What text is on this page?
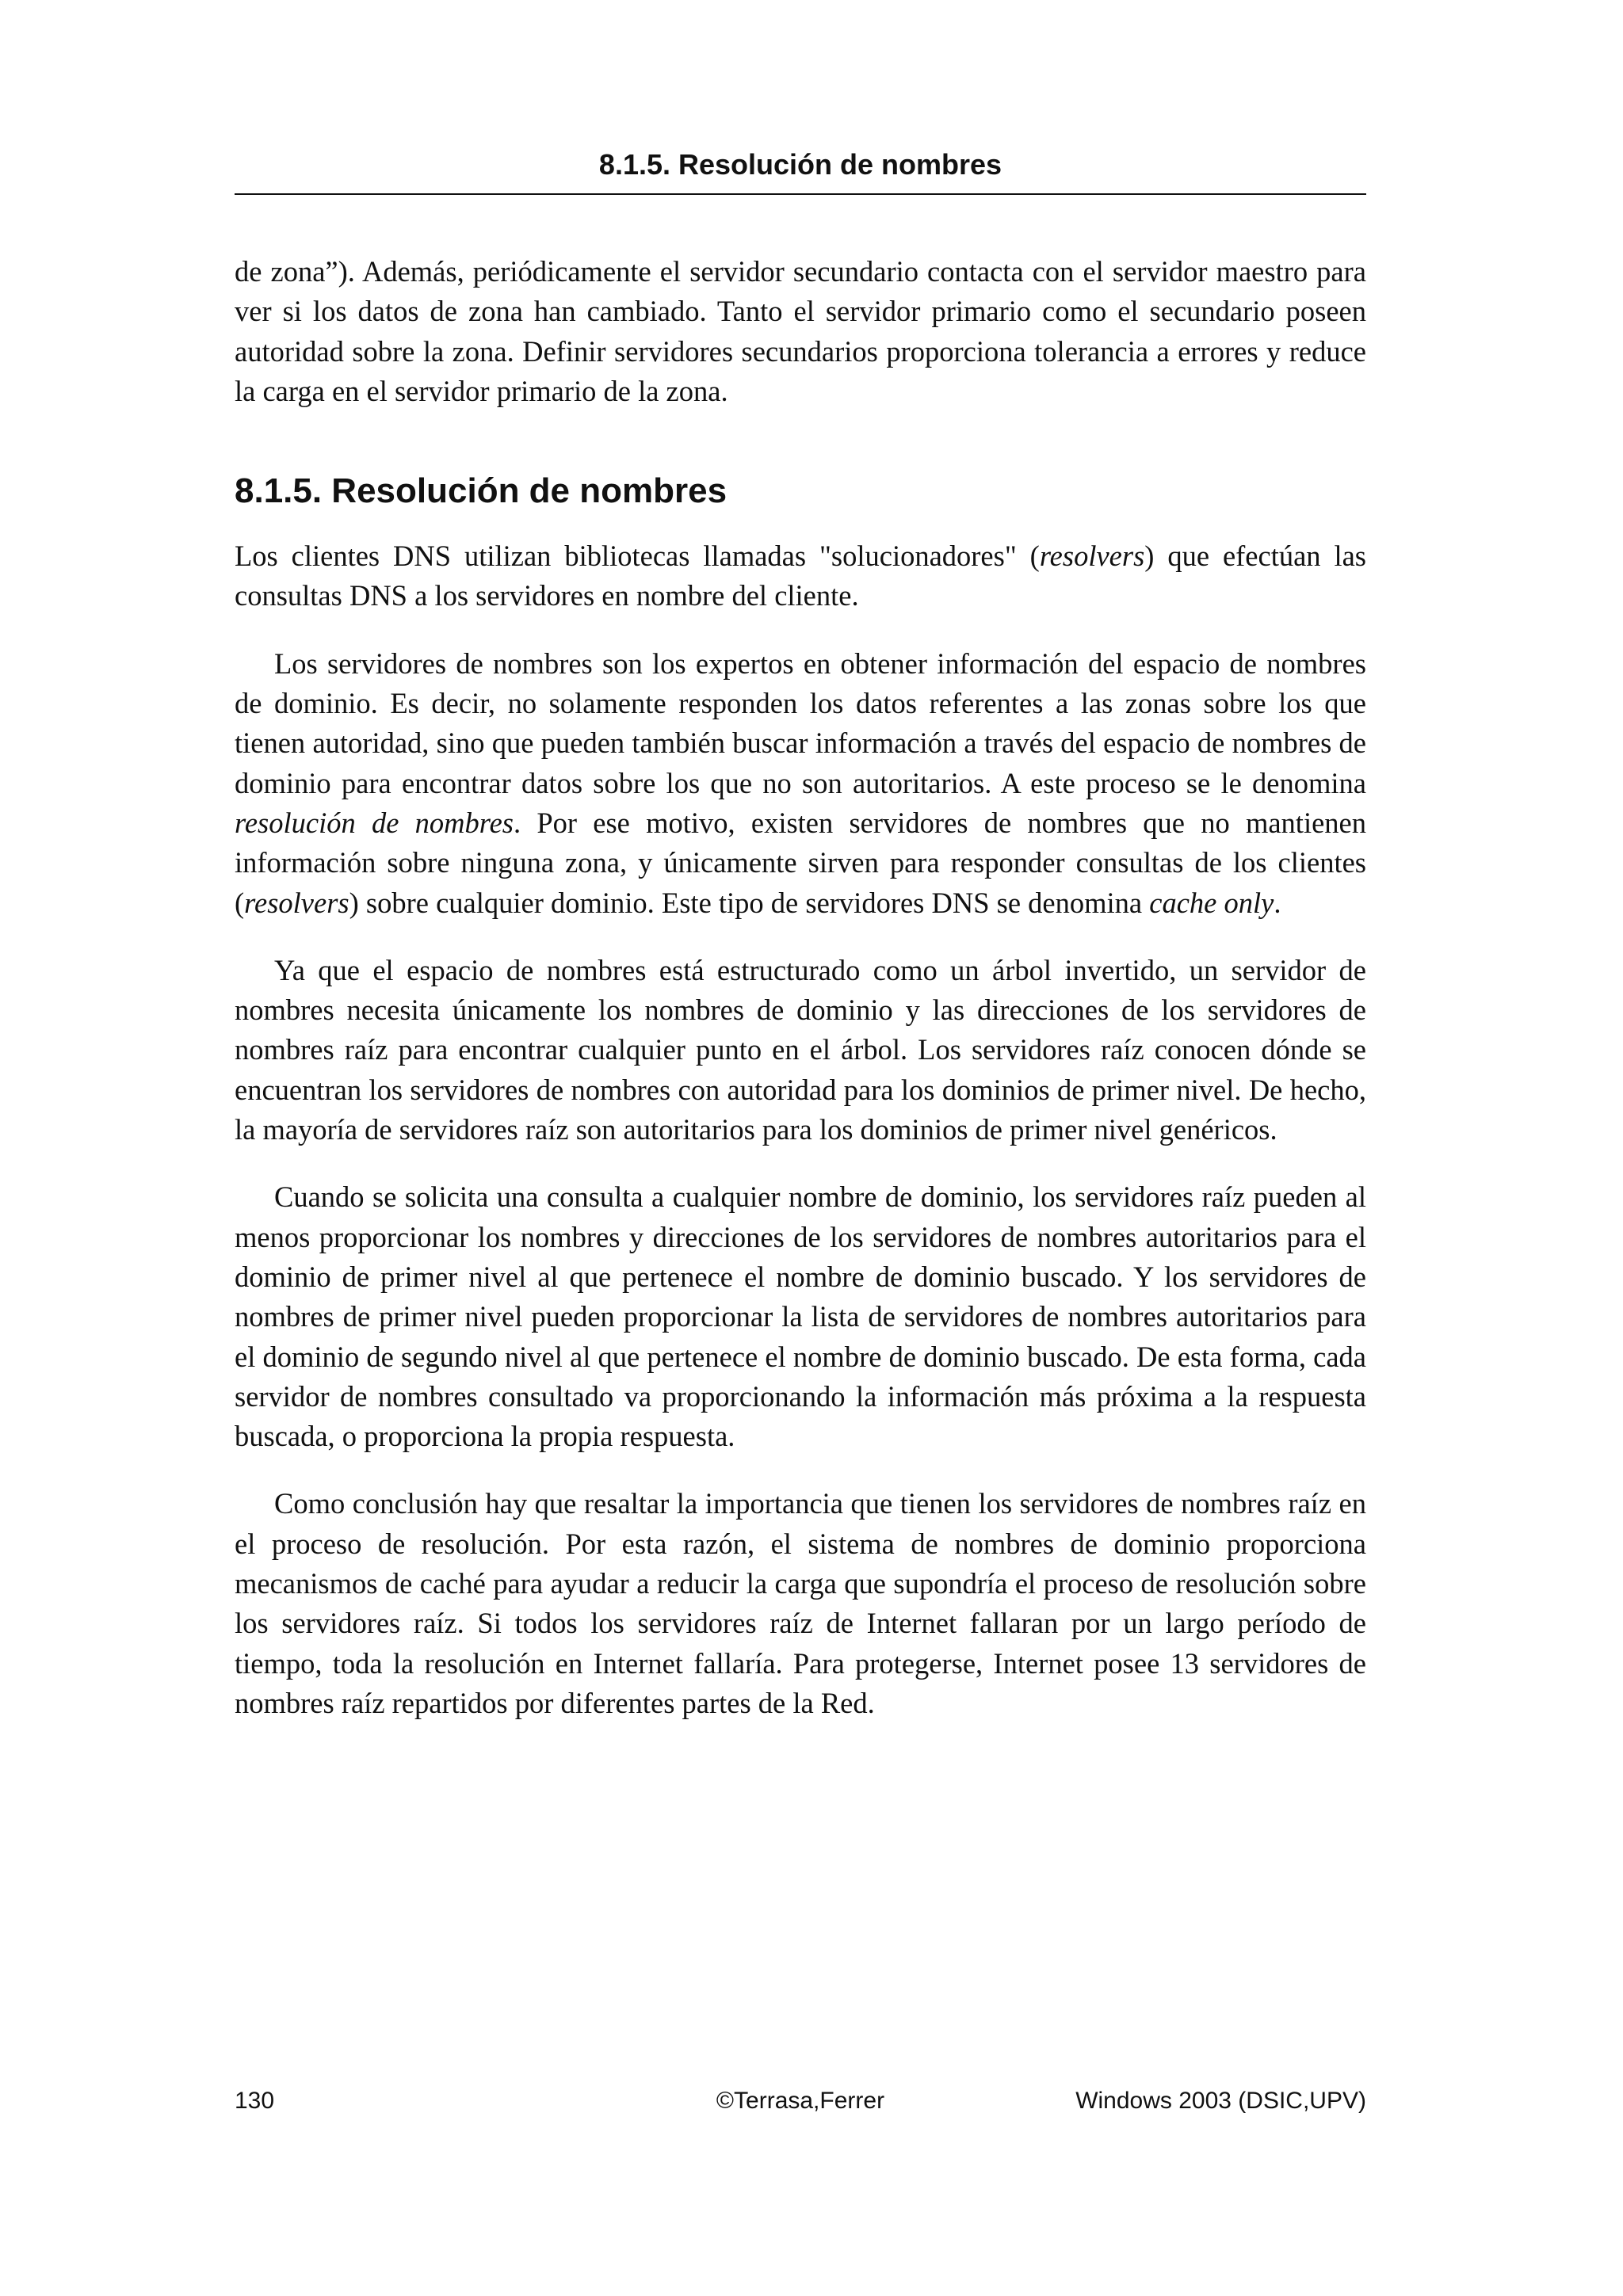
8.1.5. Resolución de nombres

de zona”). Además, periódicamente el servidor secundario contacta con el servidor maestro para ver si los datos de zona han cambiado. Tanto el servidor primario como el secundario poseen autoridad sobre la zona. Definir servidores secundarios proporciona tolerancia a errores y reduce la carga en el servidor primario de la zona.

8.1.5. Resolución de nombres

Los clientes DNS utilizan bibliotecas llamadas "solucionadores" (resolvers) que efectúan las consultas DNS a los servidores en nombre del cliente.

Los servidores de nombres son los expertos en obtener información del espacio de nombres de dominio. Es decir, no solamente responden los datos referentes a las zonas sobre los que tienen autoridad, sino que pueden también buscar información a través del espacio de nombres de dominio para encontrar datos sobre los que no son autoritarios. A este proceso se le denomina resolución de nombres. Por ese motivo, existen servidores de nombres que no mantienen información sobre ninguna zona, y únicamente sirven para responder consultas de los clientes (resolvers) sobre cualquier dominio. Este tipo de servidores DNS se denomina cache only.

Ya que el espacio de nombres está estructurado como un árbol invertido, un servidor de nombres necesita únicamente los nombres de dominio y las direcciones de los servidores de nombres raíz para encontrar cualquier punto en el árbol. Los servidores raíz conocen dónde se encuentran los servidores de nombres con autoridad para los dominios de primer nivel. De hecho, la mayoría de servidores raíz son autoritarios para los dominios de primer nivel genéricos.

Cuando se solicita una consulta a cualquier nombre de dominio, los servidores raíz pueden al menos proporcionar los nombres y direcciones de los servidores de nombres autoritarios para el dominio de primer nivel al que pertenece el nombre de dominio buscado. Y los servidores de nombres de primer nivel pueden proporcionar la lista de servidores de nombres autoritarios para el dominio de segundo nivel al que pertenece el nombre de dominio buscado. De esta forma, cada servidor de nombres consultado va proporcionando la información más próxima a la respuesta buscada, o proporciona la propia respuesta.

Como conclusión hay que resaltar la importancia que tienen los servidores de nombres raíz en el proceso de resolución. Por esta razón, el sistema de nombres de dominio proporciona mecanismos de caché para ayudar a reducir la carga que supondría el proceso de resolución sobre los servidores raíz. Si todos los servidores raíz de Internet fallaran por un largo período de tiempo, toda la resolución en Internet fallaría. Para protegerse, Internet posee 13 servidores de nombres raíz repartidos por diferentes partes de la Red.

130	©Terrasa,Ferrer	Windows 2003 (DSIC,UPV)
